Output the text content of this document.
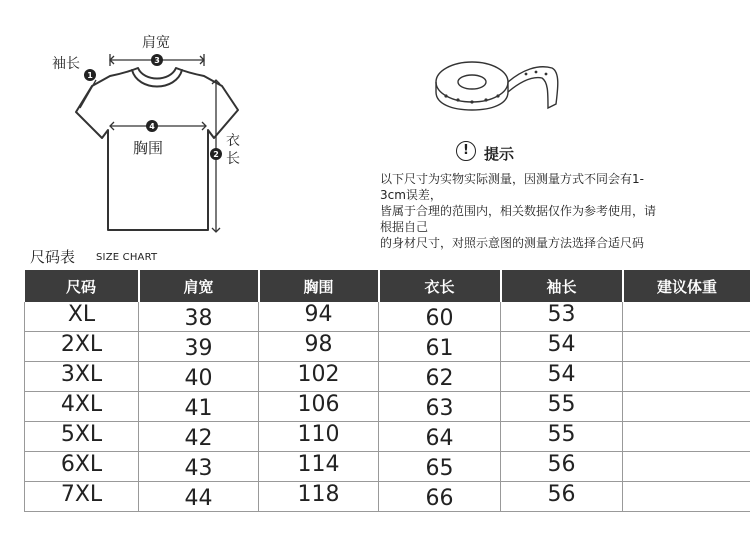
1
2
3
4
肩宽
袖长
胸围	衣长
!	提示
以下尺寸为实物实际测量，因测量方式不同会有1-
3cm误差，
皆属于合理的范围内，相关数据仅作为参考使用，请
根据自己
的身材尺寸，对照示意图的测量方法选择合适尺码
尺码表 SIZE CHART
尺码	肩宽	胸围	衣长	袖长	建议体重
XL	38	94	60	53	
2XL	39	98	61	54	
3XL	40	102	62	54	
4XL	41	106	63	55	
5XL	42	110	64	55	
6XL	43	114	65	56	
7XL	44	118	66	56	
